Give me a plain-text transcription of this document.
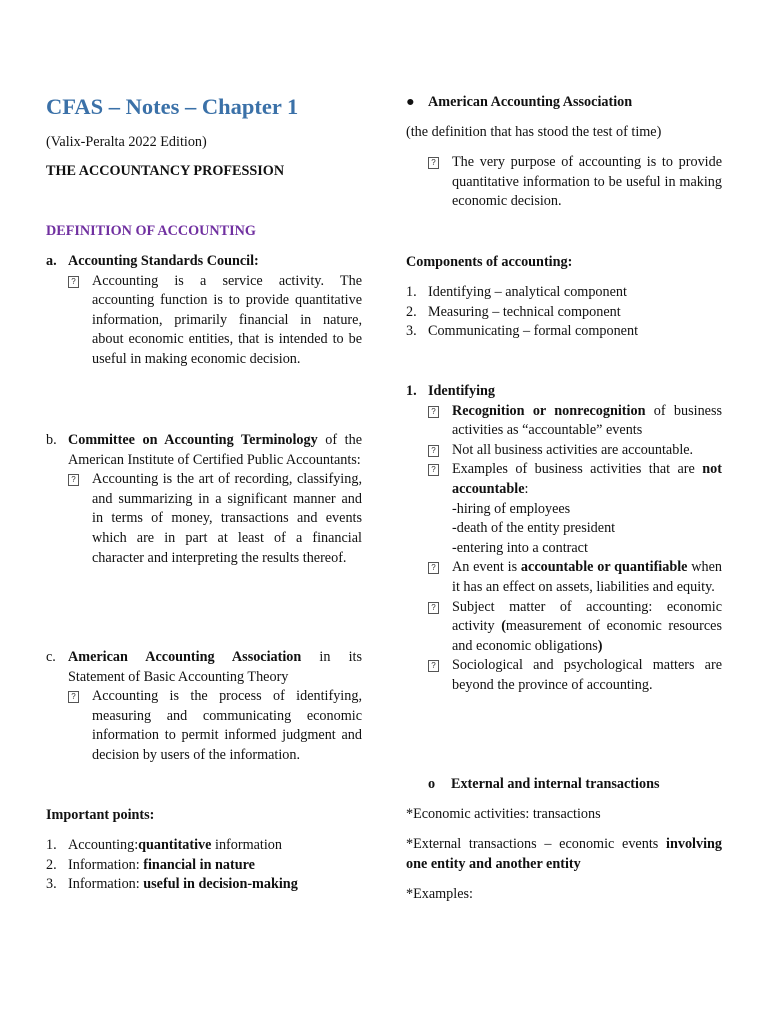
CFAS – Notes – Chapter 1
(Valix-Peralta 2022 Edition)
THE ACCOUNTANCY PROFESSION
DEFINITION OF ACCOUNTING
a. Accounting Standards Council:
? Accounting is a service activity. The accounting function is to provide quantitative information, primarily financial in nature, about economic entities, that is intended to be useful in making economic decision.
b. Committee on Accounting Terminology of the American Institute of Certified Public Accountants:
? Accounting is the art of recording, classifying, and summarizing in a significant manner and in terms of money, transactions and events which are in part at least of a financial character and interpreting the results thereof.
c. American Accounting Association in its Statement of Basic Accounting Theory
? Accounting is the process of identifying, measuring and communicating economic information to permit informed judgment and decision by users of the information.
Important points:
1. Accounting: quantitative information
2. Information: financial in nature
3. Information: useful in decision-making
● American Accounting Association
(the definition that has stood the test of time)
? The very purpose of accounting is to provide quantitative information to be useful in making economic decision.
Components of accounting:
1. Identifying – analytical component
2. Measuring – technical component
3. Communicating – formal component
1. Identifying
? Recognition or nonrecognition of business activities as “accountable” events
? Not all business activities are accountable.
? Examples of business activities that are not accountable:
-hiring of employees
-death of the entity president
-entering into a contract
? An event is accountable or quantifiable when it has an effect on assets, liabilities and equity.
? Subject matter of accounting: economic activity (measurement of economic resources and economic obligations)
? Sociological and psychological matters are beyond the province of accounting.
o	External and internal transactions
*Economic activities: transactions
*External transactions – economic events involving one entity and another entity
*Examples:
